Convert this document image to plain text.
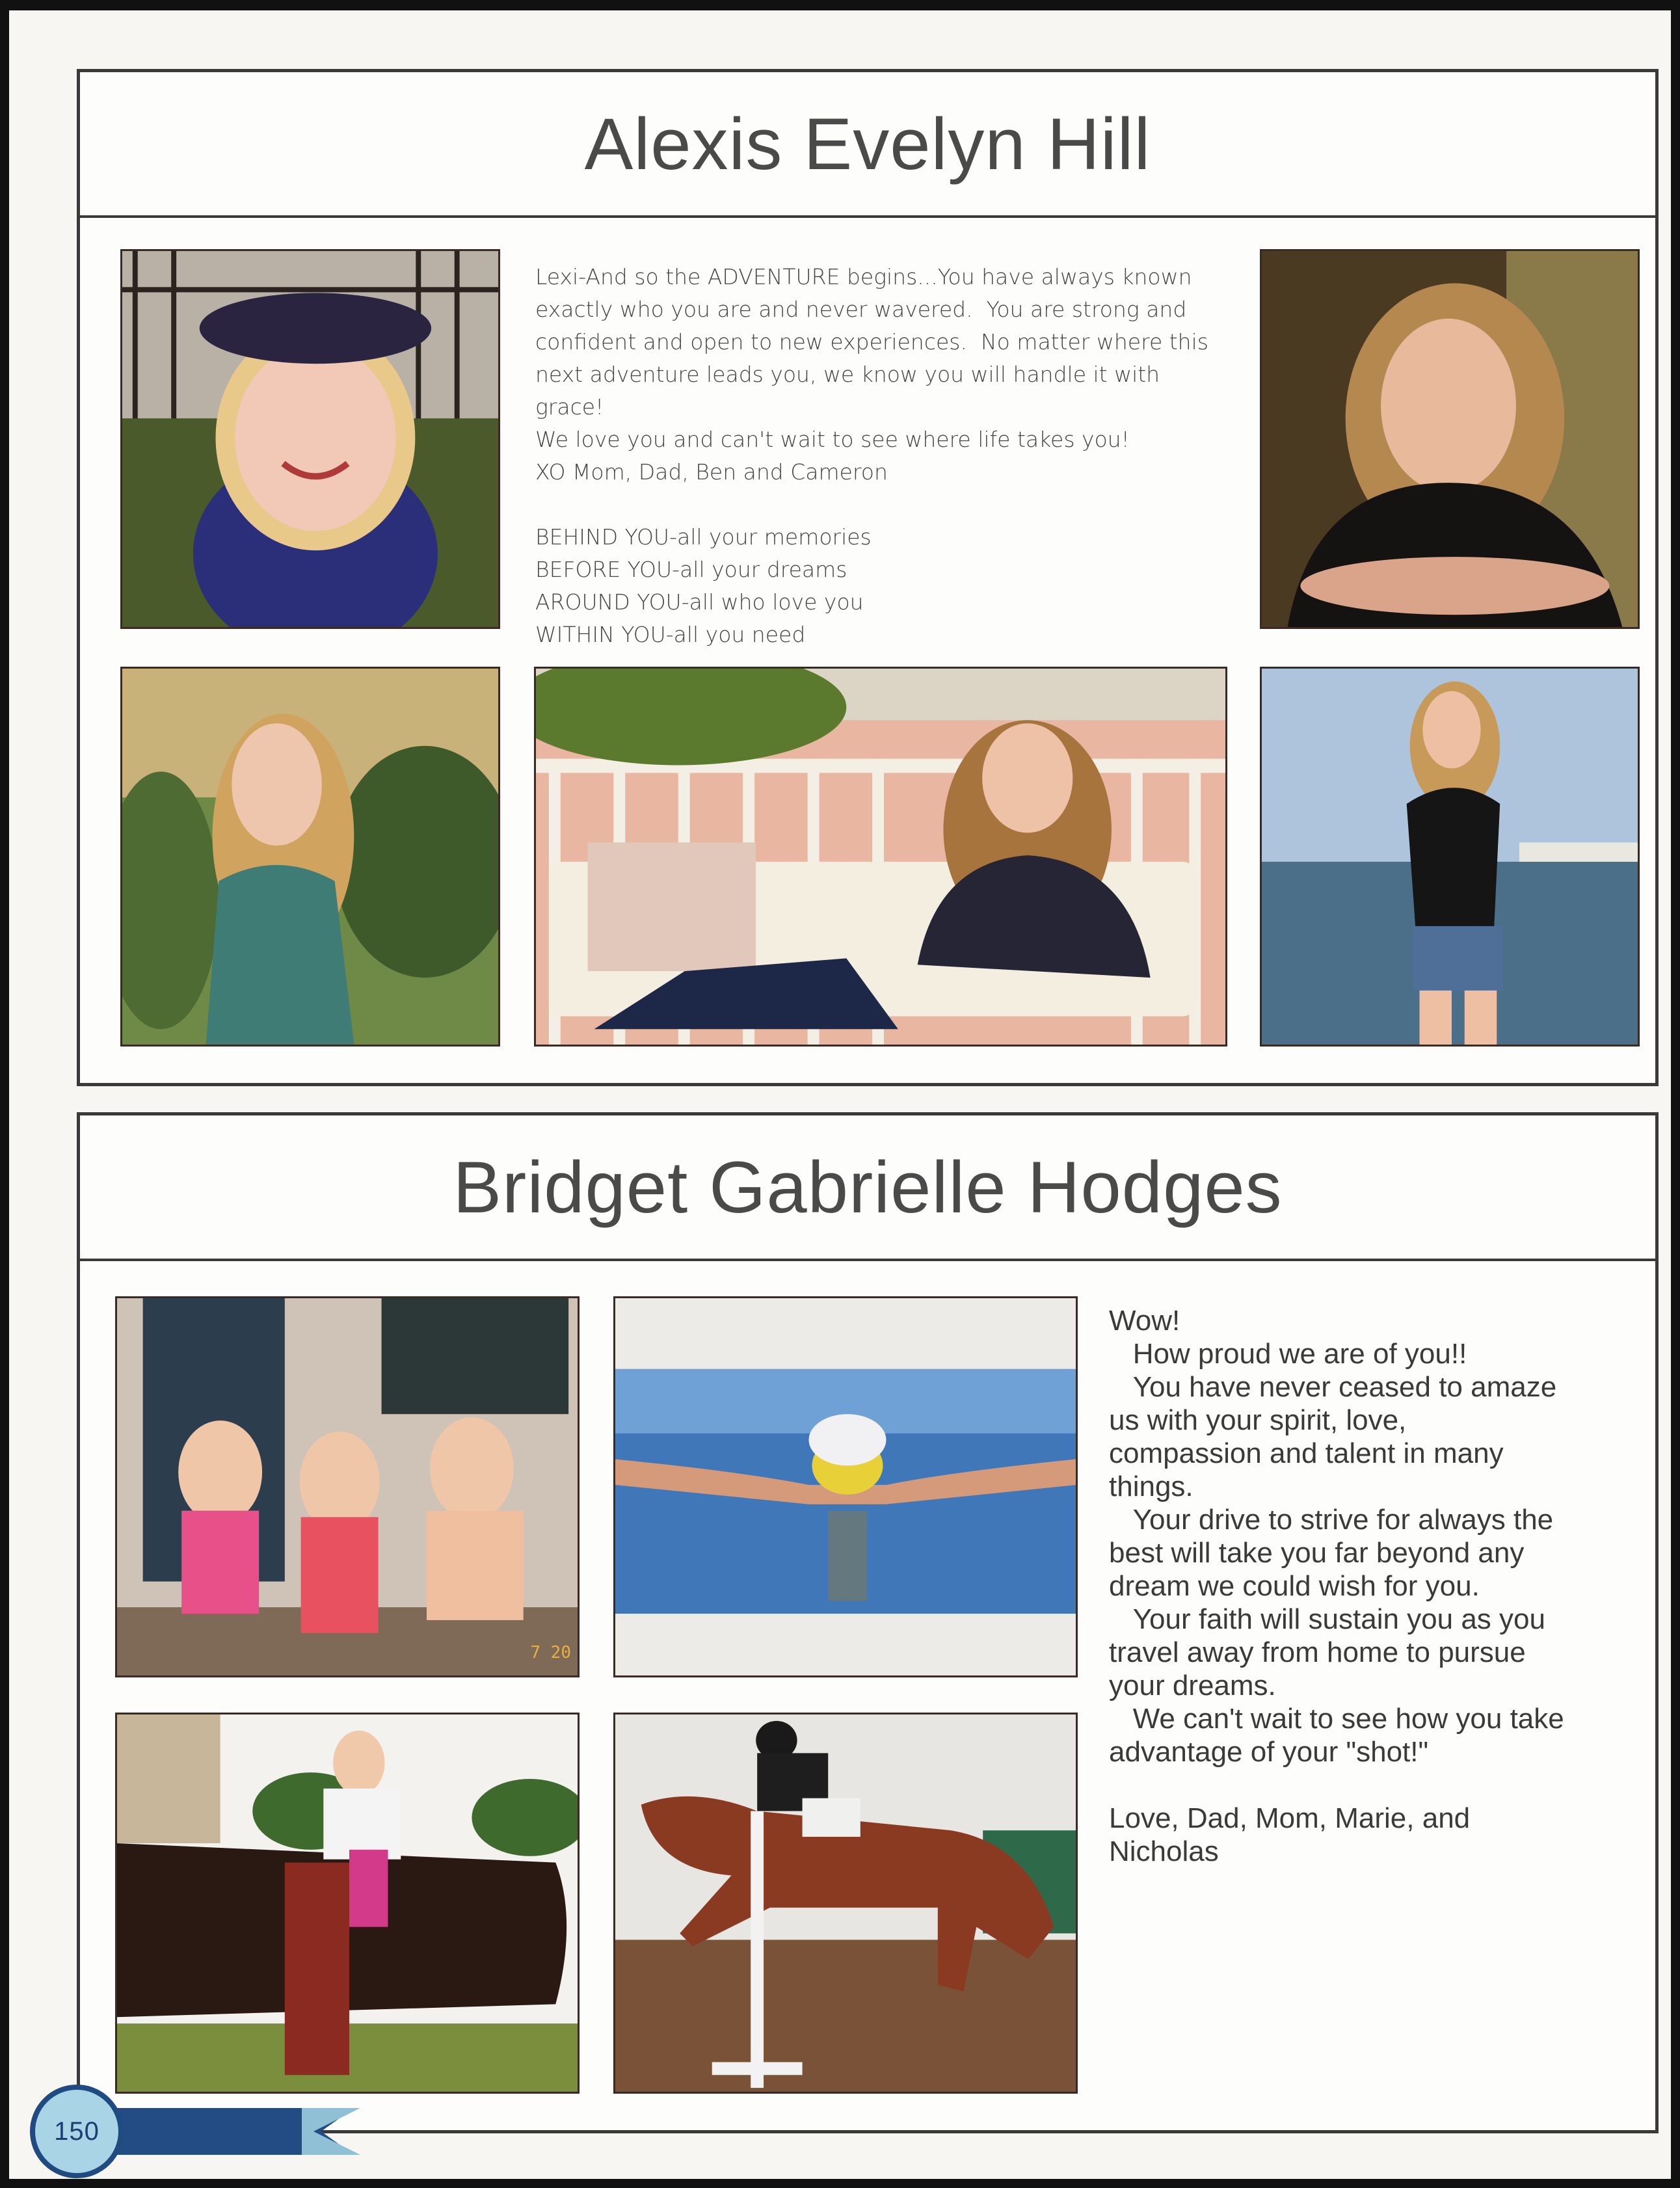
Alexis Evelyn Hill
Lexi-And so the ADVENTURE begins...You have always known
exactly who you are and never wavered.  You are strong and
confident and open to new experiences.  No matter where this
next adventure leads you, we know you will handle it with grace!
We love you and can't wait to see where life takes you!
XO Mom, Dad, Ben and Cameron

BEHIND YOU-all your memories
BEFORE YOU-all your dreams
AROUND YOU-all who love you
WITHIN YOU-all you need
Bridget Gabrielle Hodges
7 20
Wow!
How proud we are of you!!
You have never ceased to amaze
us with your spirit, love,
compassion and talent in many
things.
Your drive to strive for always the
best will take you far beyond any
dream we could wish for you.
Your faith will sustain you as you
travel away from home to pursue
your dreams.
We can't wait to see how you take
advantage of your "shot!"

Love, Dad, Mom, Marie, and
Nicholas
150
